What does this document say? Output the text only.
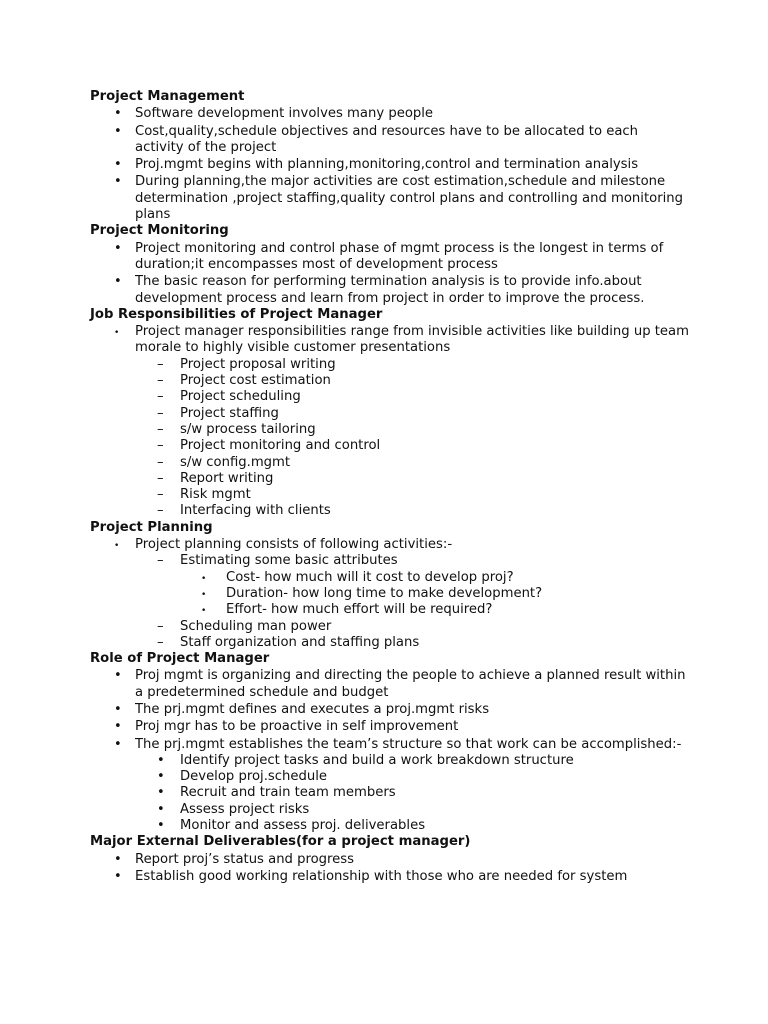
Project Management
•
Software development involves many people
•
Cost,quality,schedule objectives and resources have to be allocated to each activity of the project
•
Proj.mgmt begins with planning,monitoring,control and termination analysis
•
During planning,the major activities are cost estimation,schedule and milestone determination ,project staffing,quality control plans and controlling and monitoring plans
Project Monitoring
•
Project monitoring and control phase of mgmt process is the longest in terms of duration;it encompasses most of development process
•
The basic reason for performing termination analysis is to provide info.about development process and learn from project in order to improve the process.
Job Responsibilities of Project Manager
•
Project manager responsibilities range from invisible activities like building up team morale to highly visible customer presentations
–
Project proposal writing
–
Project cost estimation
–
Project scheduling
–
Project staffing
–
s/w process tailoring
–
Project monitoring and control
–
s/w config.mgmt
–
Report writing
–
Risk mgmt
–
Interfacing with clients
Project Planning
•
Project planning consists of following activities:-
–
Estimating some basic attributes
•
Cost- how much will it cost to develop proj?
•
Duration- how long time to make development?
•
Effort- how much effort will be required?
–
Scheduling man power
–
Staff organization and staffing plans
Role of Project Manager
•
Proj mgmt is organizing and directing the people to achieve a planned result within a predetermined schedule and budget
•
The prj.mgmt defines and executes a proj.mgmt risks
•
Proj mgr has to be proactive in self improvement
•
The prj.mgmt establishes the team’s structure so that work can be accomplished:-
•
Identify project tasks and build a work breakdown structure
•
Develop proj.schedule
•
Recruit and train team members
•
Assess project risks
•
Monitor and assess proj. deliverables
Major External Deliverables(for a project manager)
•
Report proj’s status and progress
•
Establish good working relationship with those who are needed for system
